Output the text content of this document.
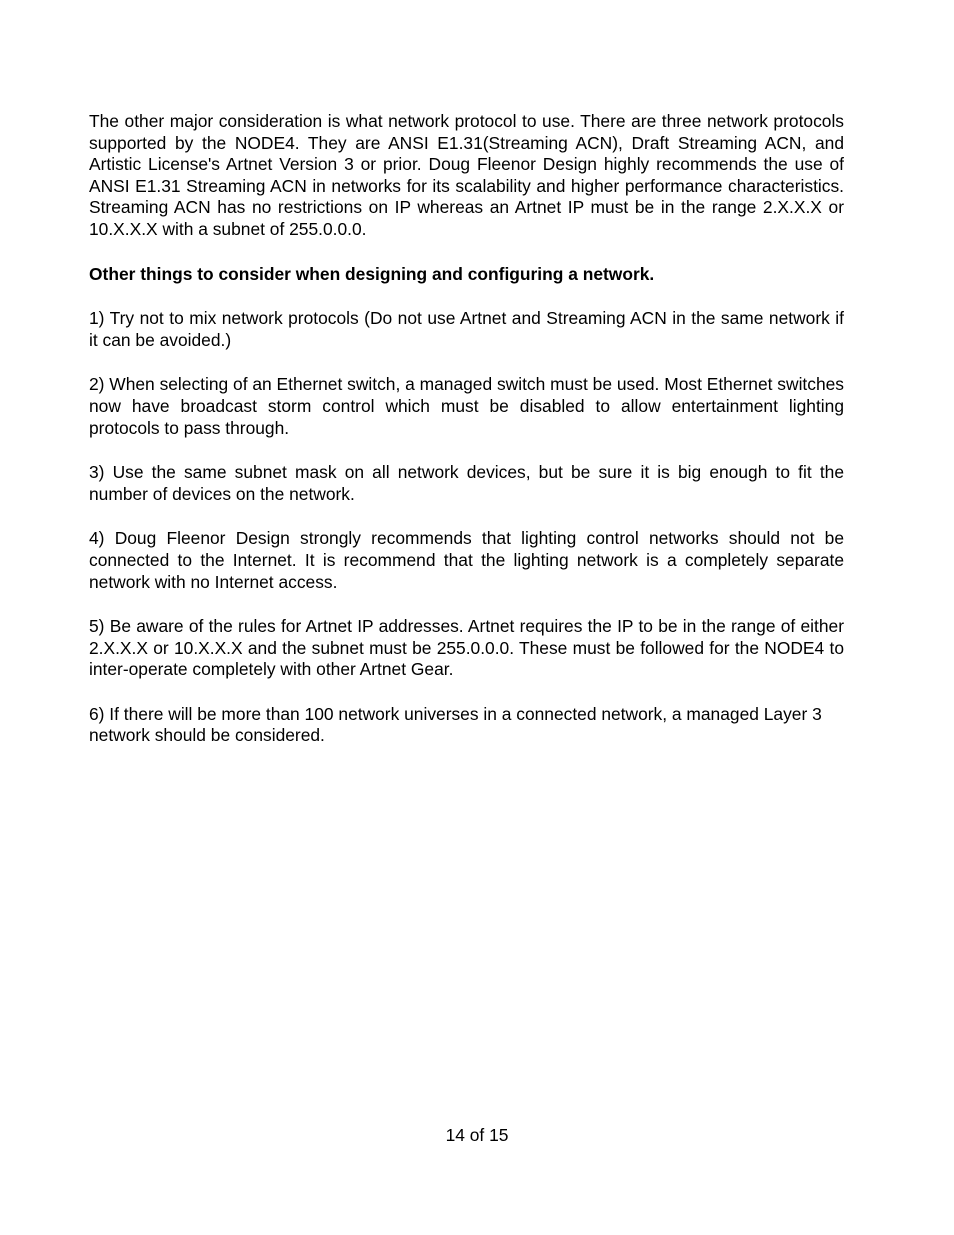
The other major consideration is what network protocol to use. There are three network protocols supported by the NODE4. They are ANSI E1.31(Streaming ACN), Draft Streaming ACN, and Artistic License's Artnet Version 3 or prior. Doug Fleenor Design highly recommends the use of ANSI E1.31 Streaming ACN in networks for its scalability and higher performance characteristics. Streaming ACN has no restrictions on IP whereas an Artnet IP must be in the range 2.X.X.X or 10.X.X.X with a subnet of 255.0.0.0.

Other things to consider when designing and configuring a network.

1) Try not to mix network protocols (Do not use Artnet and Streaming ACN in the same network if it can be avoided.)

2) When selecting of an Ethernet switch, a managed switch must be used. Most Ethernet switches now have broadcast storm control which must be disabled to allow entertainment lighting protocols to pass through.

3) Use the same subnet mask on all network devices, but be sure it is big enough to fit the number of devices on the network.

4) Doug Fleenor Design strongly recommends that lighting control networks should not be connected to the Internet. It is recommend that the lighting network is a completely separate network with no Internet access.

5) Be aware of the rules for Artnet IP addresses. Artnet requires the IP to be in the range of either 2.X.X.X or 10.X.X.X and the subnet must be 255.0.0.0. These must be followed for the NODE4 to inter-operate completely with other Artnet Gear.

6) If there will be more than 100 network universes in a connected network, a managed Layer 3 network should be considered.

14 of 15
